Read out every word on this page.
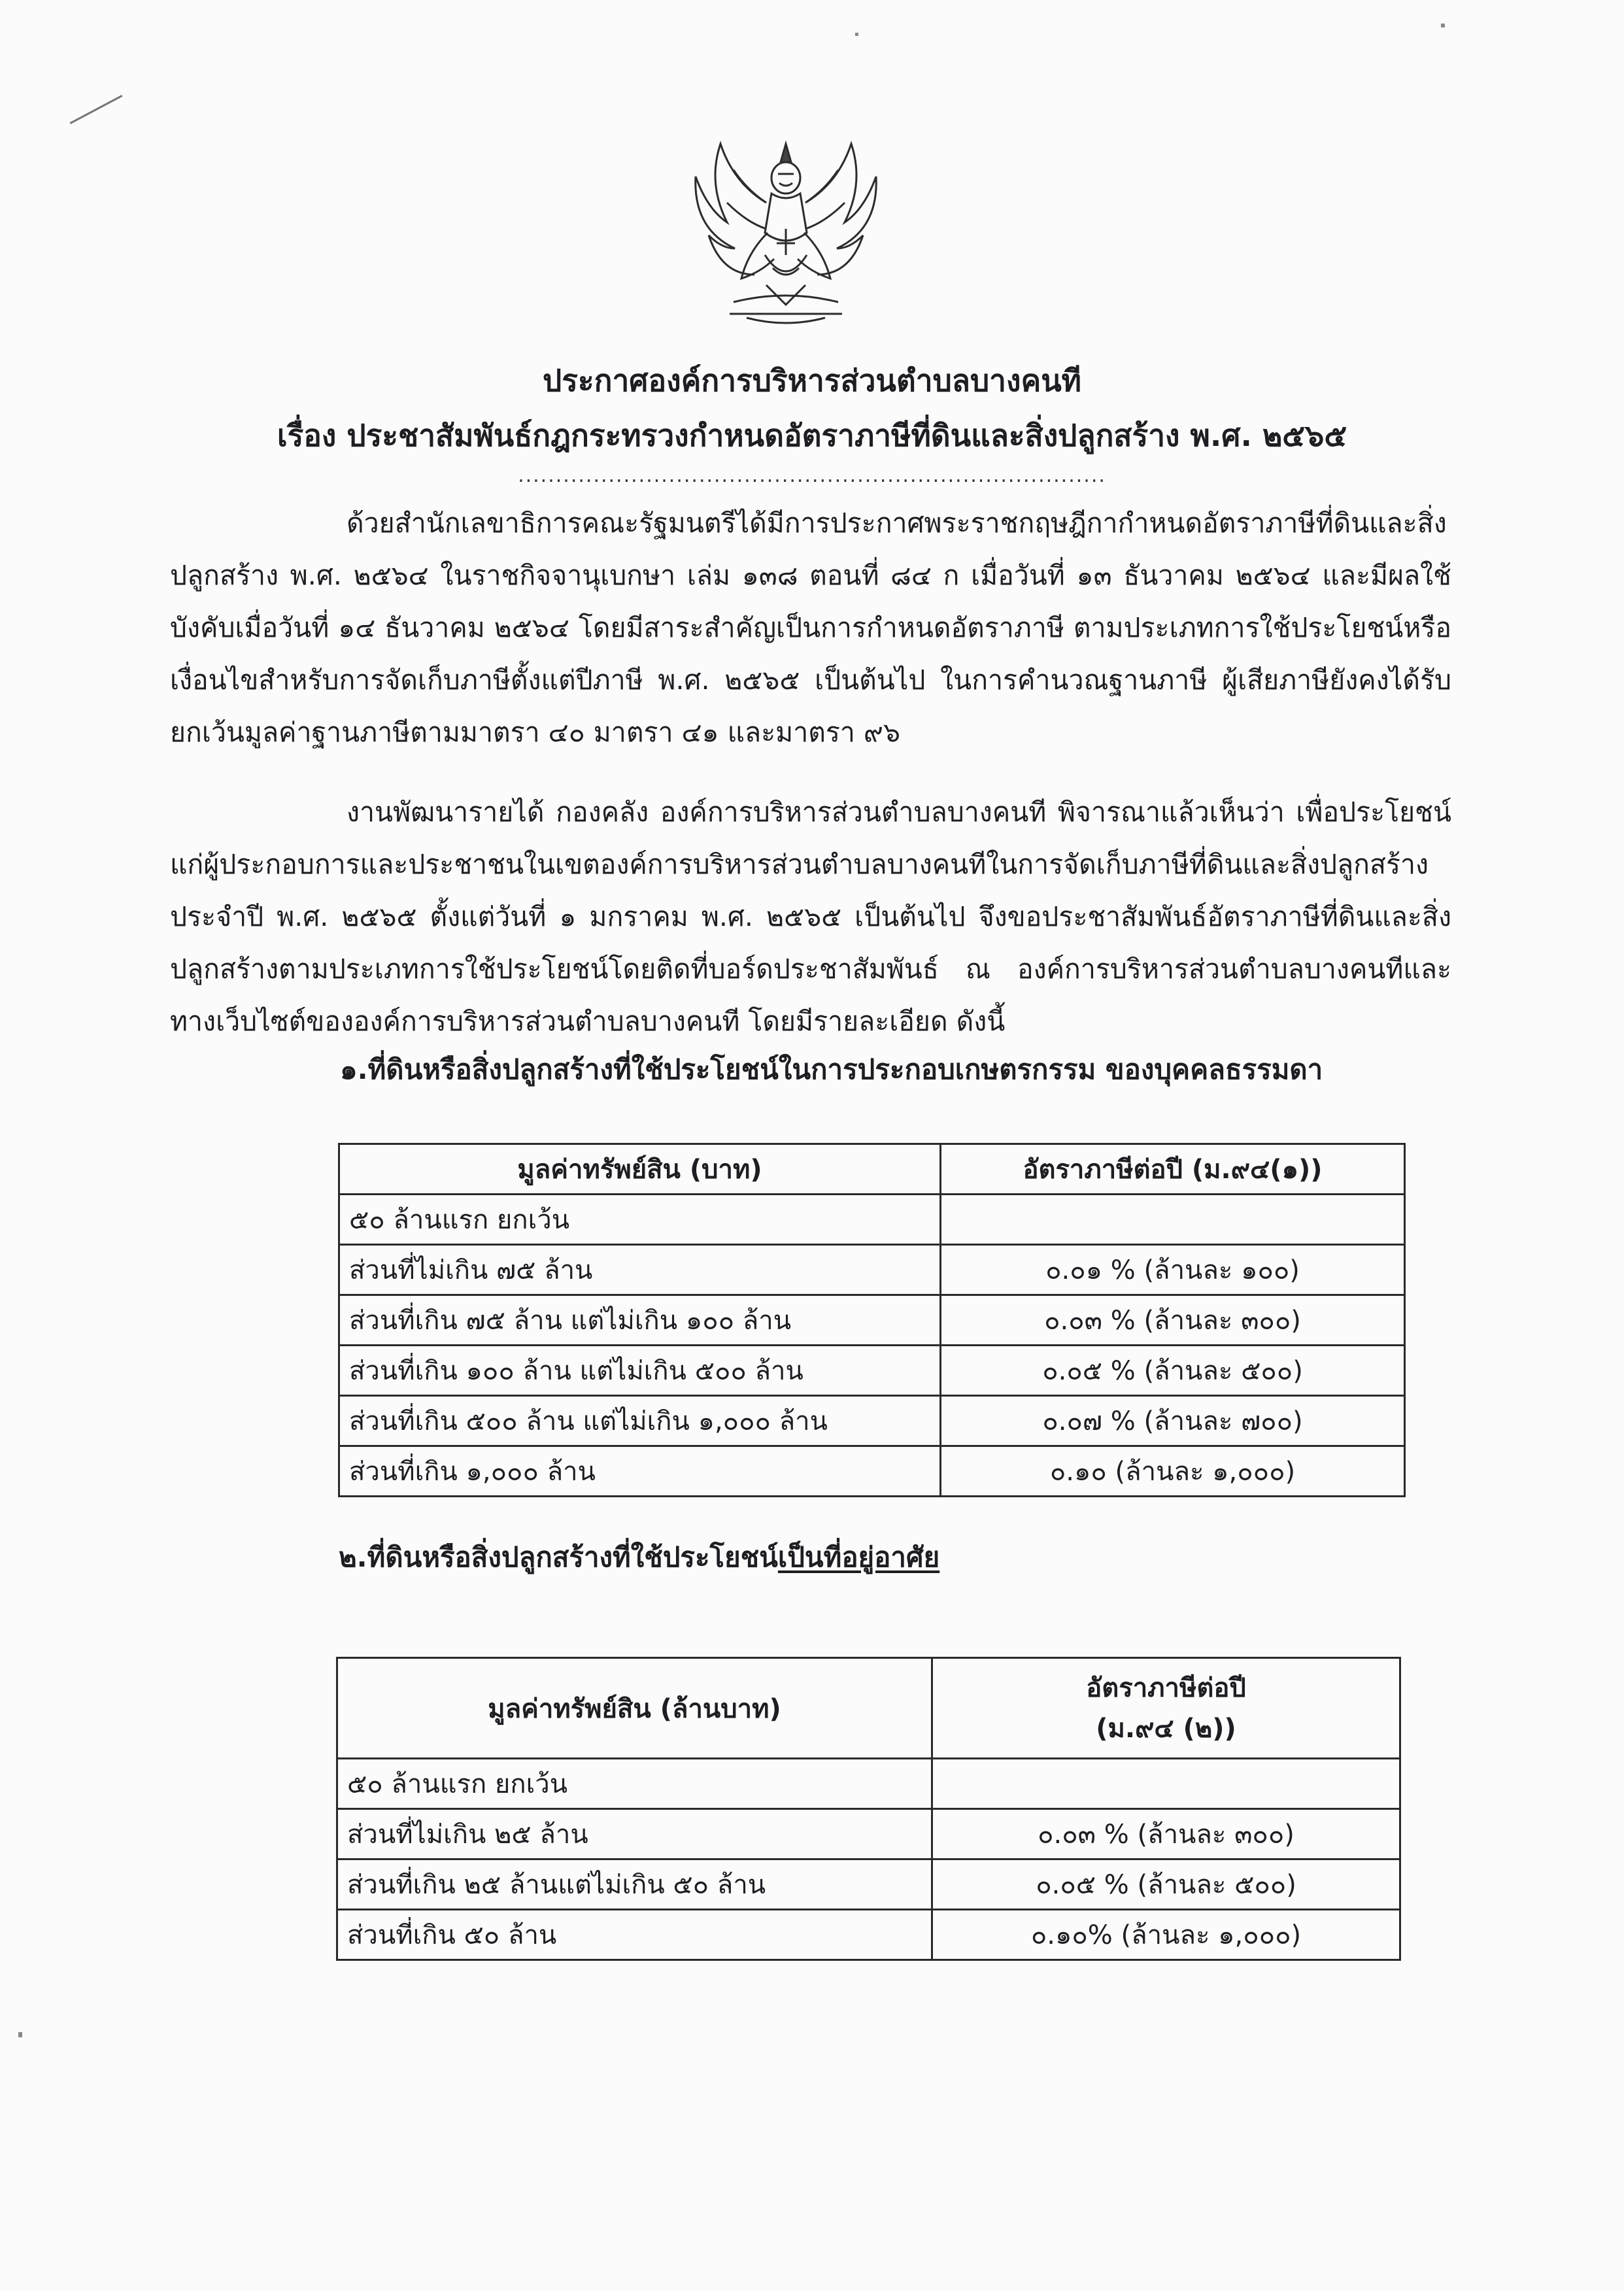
ประกาศองค์การบริหารส่วนตำบลบางคนที
เรื่อง ประชาสัมพันธ์กฎกระทรวงกำหนดอัตราภาษีที่ดินและสิ่งปลูกสร้าง พ.ศ. ๒๕๖๕
..............................................................................

ด้วยสำนักเลขาธิการคณะรัฐมนตรีได้มีการประกาศพระราชกฤษฎีกากำหนดอัตราภาษีที่ดินและสิ่งปลูกสร้าง พ.ศ. ๒๕๖๔ ในราชกิจจานุเบกษา เล่ม ๑๓๘ ตอนที่ ๘๔ ก เมื่อวันที่ ๑๓ ธันวาคม ๒๕๖๔ และมีผลใช้บังคับเมื่อวันที่ ๑๔ ธันวาคม ๒๕๖๔ โดยมีสาระสำคัญเป็นการกำหนดอัตราภาษี ตามประเภทการใช้ประโยชน์หรือเงื่อนไขสำหรับการจัดเก็บภาษีตั้งแต่ปีภาษี พ.ศ. ๒๕๖๕ เป็นต้นไป ในการคำนวณฐานภาษี ผู้เสียภาษียังคงได้รับยกเว้นมูลค่าฐานภาษีตามมาตรา ๔๐ มาตรา ๔๑ และมาตรา ๙๖

งานพัฒนารายได้ กองคลัง องค์การบริหารส่วนตำบลบางคนที พิจารณาแล้วเห็นว่า เพื่อประโยชน์แก่ผู้ประกอบการและประชาชนในเขตองค์การบริหารส่วนตำบลบางคนทีในการจัดเก็บภาษีที่ดินและสิ่งปลูกสร้าง ประจำปี พ.ศ. ๒๕๖๕ ตั้งแต่วันที่ ๑ มกราคม พ.ศ. ๒๕๖๕ เป็นต้นไป จึงขอประชาสัมพันธ์อัตราภาษีที่ดินและสิ่งปลูกสร้างตามประเภทการใช้ประโยชน์โดยติดที่บอร์ดประชาสัมพันธ์ ณ องค์การบริหารส่วนตำบลบางคนทีและทางเว็บไซต์ขององค์การบริหารส่วนตำบลบางคนที โดยมีรายละเอียด ดังนี้

๑.ที่ดินหรือสิ่งปลูกสร้างที่ใช้ประโยชน์ในการประกอบเกษตรกรรม ของบุคคลธรรมดา
มูลค่าทรัพย์สิน (บาท)	อัตราภาษีต่อปี (ม.๙๔(๑))
๕๐ ล้านแรก ยกเว้น	
ส่วนที่ไม่เกิน ๗๕ ล้าน	๐.๐๑ % (ล้านละ ๑๐๐)
ส่วนที่เกิน ๗๕ ล้าน แต่ไม่เกิน ๑๐๐ ล้าน	๐.๐๓ % (ล้านละ ๓๐๐)
ส่วนที่เกิน ๑๐๐ ล้าน แต่ไม่เกิน ๕๐๐ ล้าน	๐.๐๕ % (ล้านละ ๕๐๐)
ส่วนที่เกิน ๕๐๐ ล้าน แต่ไม่เกิน ๑,๐๐๐ ล้าน	๐.๐๗ % (ล้านละ ๗๐๐)
ส่วนที่เกิน ๑,๐๐๐ ล้าน	๐.๑๐ (ล้านละ ๑,๐๐๐)
๒.ที่ดินหรือสิ่งปลูกสร้างที่ใช้ประโยชน์เป็นที่อยู่อาศัย
มูลค่าทรัพย์สิน (ล้านบาท)	อัตราภาษีต่อปี
(ม.๙๔ (๒))

๕๐ ล้านแรก ยกเว้น	
ส่วนที่ไม่เกิน ๒๕ ล้าน	๐.๐๓ % (ล้านละ ๓๐๐)
ส่วนที่เกิน ๒๕ ล้านแต่ไม่เกิน ๕๐ ล้าน	๐.๐๕ % (ล้านละ ๕๐๐)
ส่วนที่เกิน ๕๐ ล้าน	๐.๑๐% (ล้านละ ๑,๐๐๐)
